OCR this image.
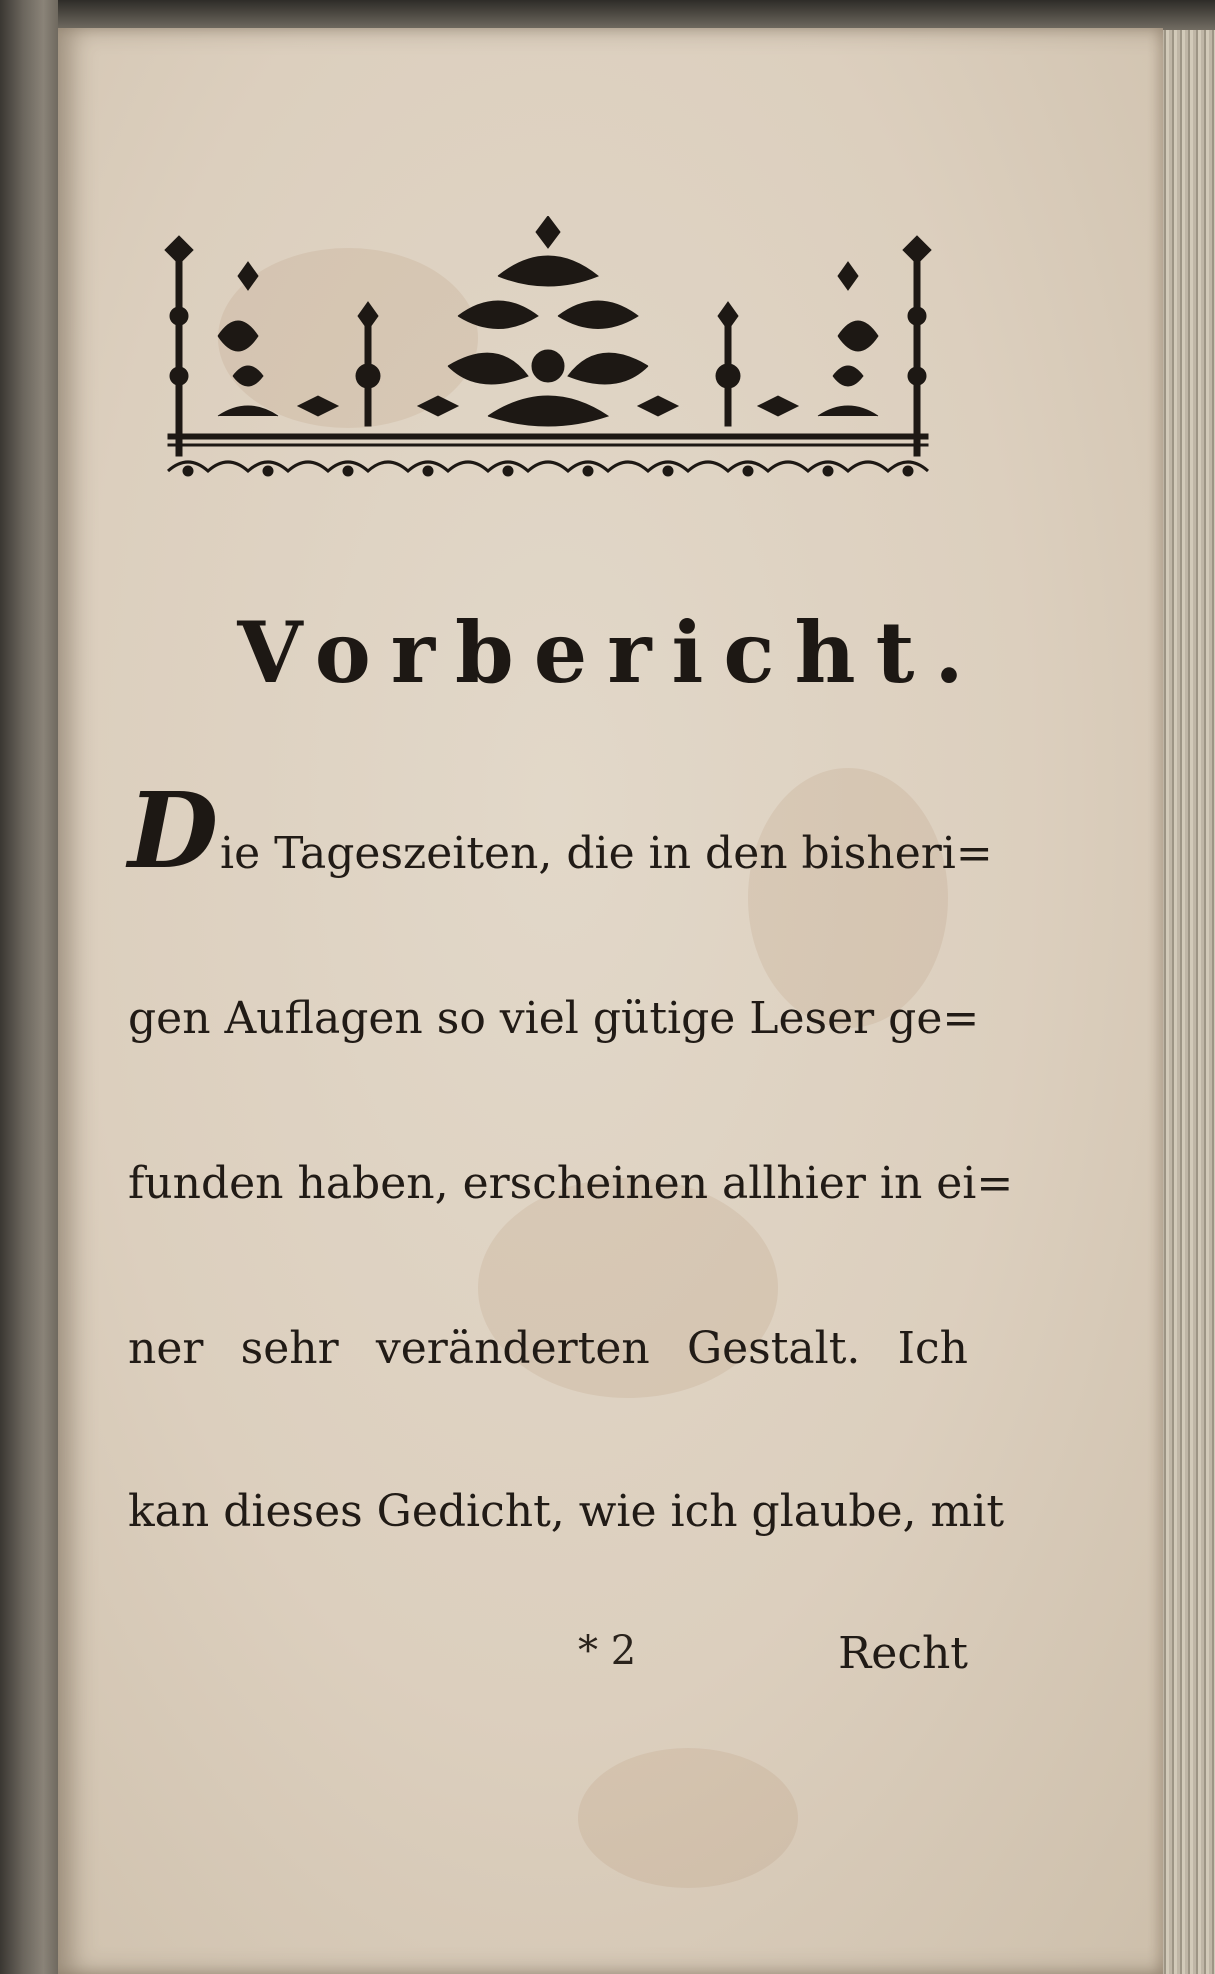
Vorbericht.
D ie Tageszeiten, die in den bisheri=
gen Auflagen so viel gütige Leser ge=
funden haben, erscheinen allhier in ei=
ner sehr veränderten Gestalt. Ich
kan dieses Gedicht, wie ich glaube, mit
* 2	Recht
